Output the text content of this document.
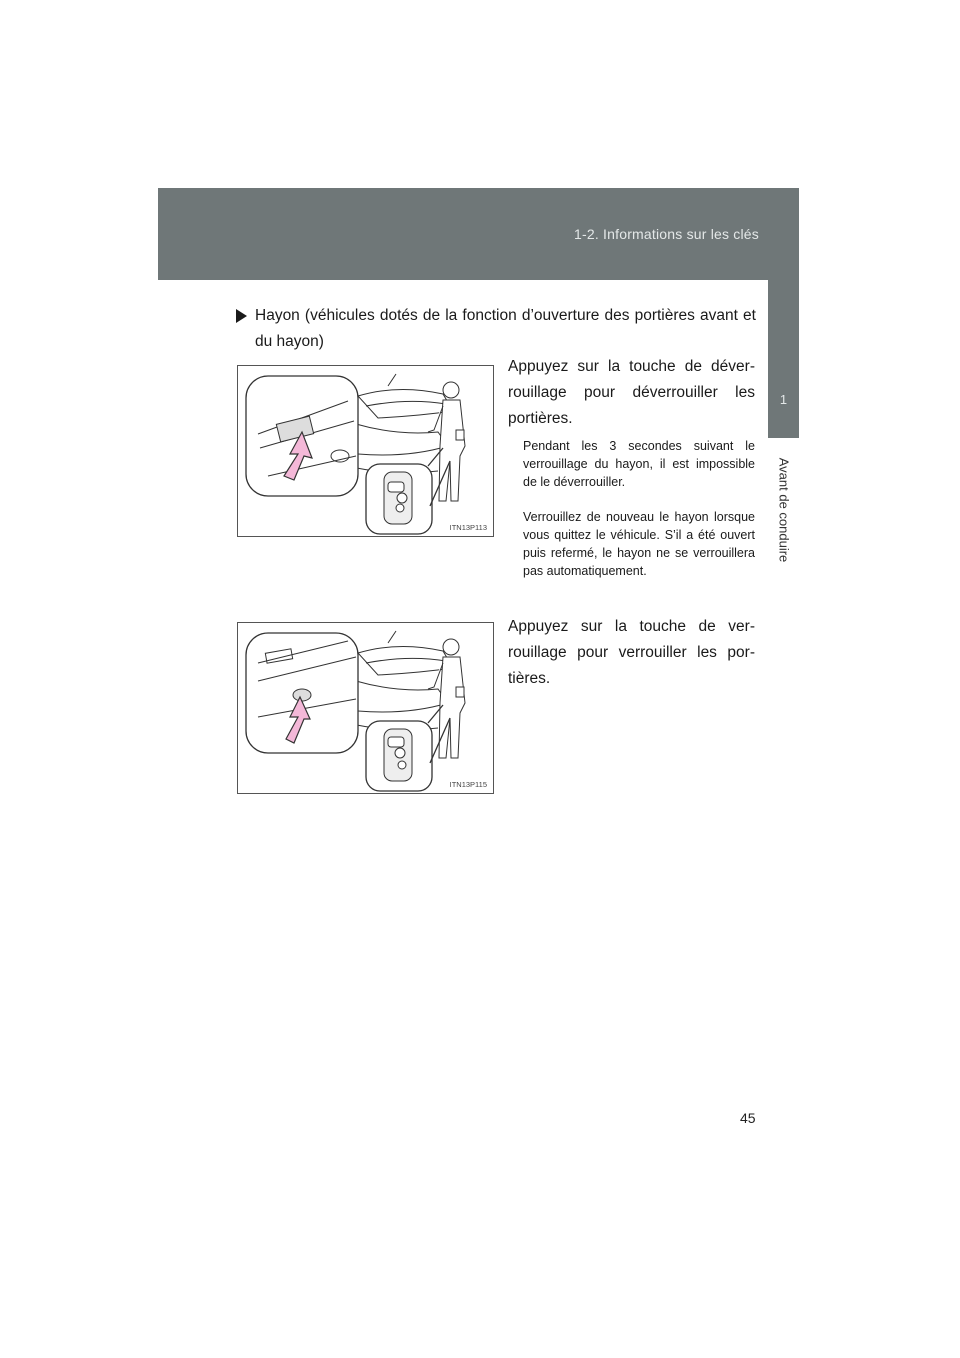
1-2. Informations sur les clés
1
Avant de conduire
Hayon (véhicules dotés de la fonction d’ouverture des portières avant et du hayon)
ITN13P113
ITN13P115
Appuyez sur la touche de déver-rouillage pour déverrouiller les portières.
Pendant les 3 secondes suivant le verrouillage du hayon, il est impossible de le déverrouiller.
Verrouillez de nouveau le hayon lorsque vous quittez le véhicule. S’il a été ouvert puis refermé, le hayon ne se verrouillera pas automatiquement.
Appuyez sur la touche de ver-rouillage pour verrouiller les por-tières.
45
